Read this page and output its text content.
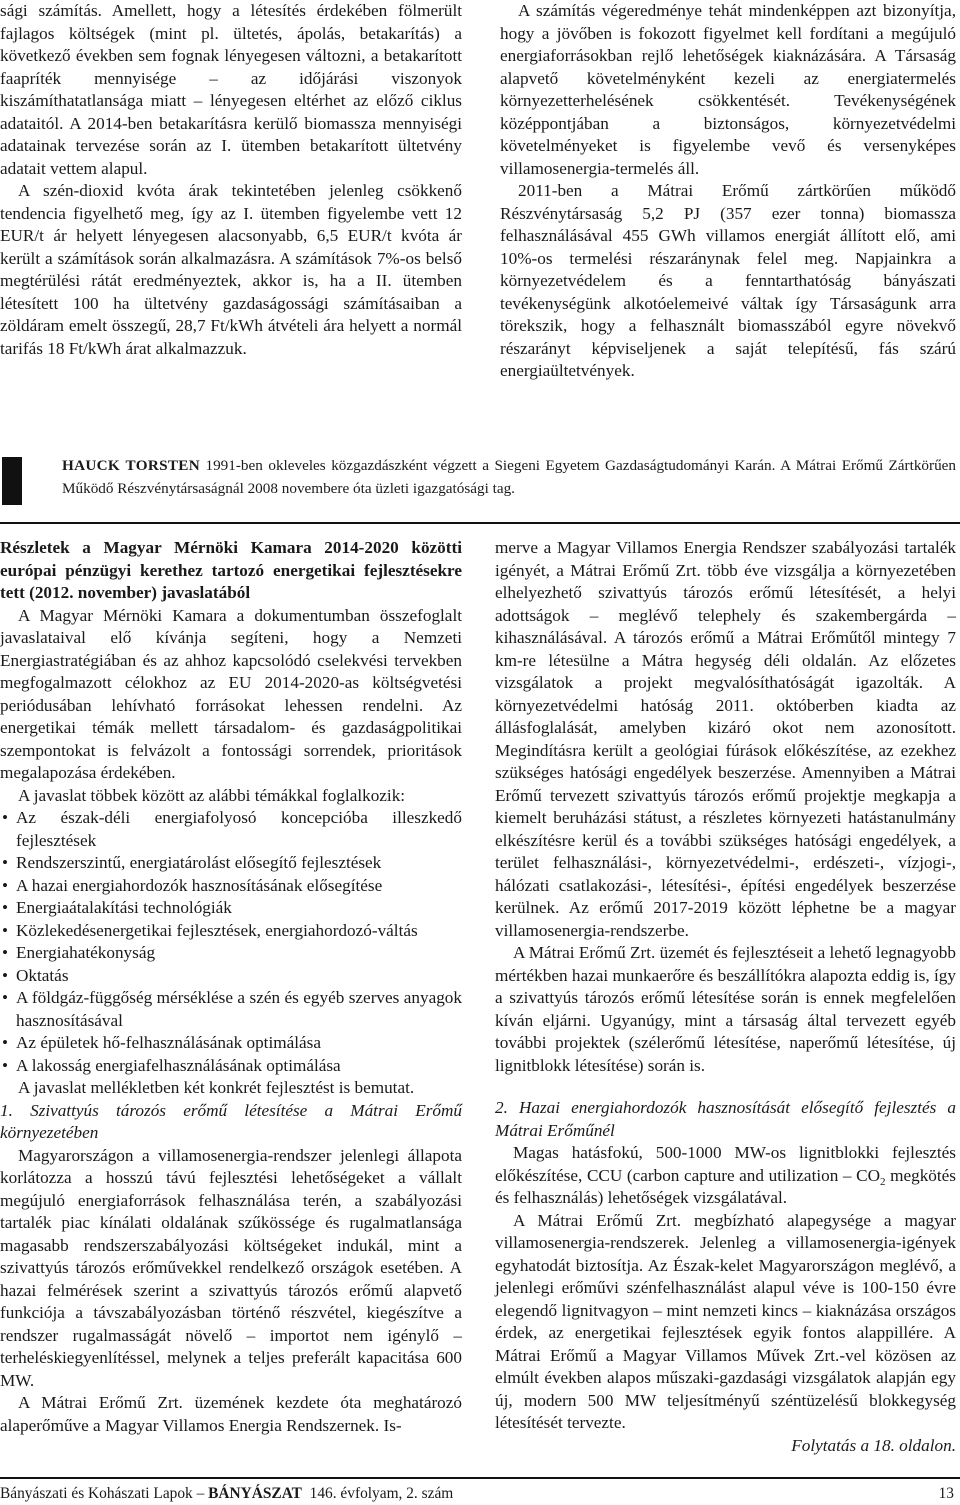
sági számítás. Amellett, hogy a létesítés érdekében fölmerült fajlagos költségek (mint pl. ültetés, ápolás, betakarítás) a következő években sem fognak lényegesen változni, a betakarított faapríték mennyisége – az időjárási viszonyok kiszámíthatatlansága miatt – lényegesen eltérhet az előző ciklus adataitól. A 2014-ben betakarításra kerülő biomassza mennyiségi adatainak tervezése során az I. ütemben betakarított ültetvény adatait vettem alapul.

A szén-dioxid kvóta árak tekintetében jelenleg csökkenő tendencia figyelhető meg, így az I. ütemben figyelembe vett 12 EUR/t ár helyett lényegesen alacsonyabb, 6,5 EUR/t kvóta ár került a számítások során alkalmazásra. A számítások 7%-os belső megtérülési rátát eredményeztek, akkor is, ha a II. ütemben létesített 100 ha ültetvény gazdaságossági számításaiban a zöldáram emelt összegű, 28,7 Ft/kWh átvételi ára helyett a normál tarifás 18 Ft/kWh árat alkalmazzuk.

A számítás végeredménye tehát mindenképpen azt bizonyítja, hogy a jövőben is fokozott figyelmet kell fordítani a megújuló energiaforrásokban rejlő lehetőségek kiaknázására. A Társaság alapvető követelményként kezeli az energiatermelés környezetterhelésének csökkentését. Tevékenységének középpontjában a biztonságos, környezetvédelmi követelményeket is figyelembe vevő és versenyképes villamosenergia-termelés áll.

2011-ben a Mátrai Erőmű zártkörűen működő Részvénytársaság 5,2 PJ (357 ezer tonna) biomassza felhasználásával 455 GWh villamos energiát állított elő, ami 10%-os termelési részaránynak felel meg. Napjainkra a környezetvédelem és a fenntarthatóság bányászati tevékenységünk alkotóelemeivé váltak így Társaságunk arra törekszik, hogy a felhasznált biomasszából egyre növekvő részarányt képviseljenek a saját telepítésű, fás szárú energiaültetvények.

HAUCK TORSTEN 1991-ben okleveles közgazdászként végzett a Siegeni Egyetem Gazdaságtudományi Karán. A Mátrai Erőmű Zártkörűen Működő Részvénytársaságnál 2008 novembere óta üzleti igazgatósági tag.

Részletek a Magyar Mérnöki Kamara 2014-2020 közötti európai pénzügyi kerethez tartozó energetikai fejlesztésekre tett (2012. november) javaslatából

A Magyar Mérnöki Kamara a dokumentumban összefoglalt javaslataival elő kívánja segíteni, hogy a Nemzeti Energiastratégiában és az ahhoz kapcsolódó cselekvési tervekben megfogalmazott célokhoz az EU 2014-2020-as költségvetési periódusában lehívható forrásokat lehessen rendelni. Az energetikai témák mellett társadalom- és gazdaságpolitikai szempontokat is felvázolt a fontossági sorrendek, prioritások megalapozása érdekében.

A javaslat többek között az alábbi témákkal foglalkozik:

• Az észak-déli energiafolyosó koncepcióba illeszkedő fejlesztések
• Rendszerszintű, energiatárolást elősegítő fejlesztések
• A hazai energiahordozók hasznosításának elősegítése
• Energiaátalakítási technológiák
• Közlekedésenergetikai fejlesztések, energiahordozó-váltás
• Energiahatékonyság
• Oktatás
• A földgáz-függőség mérséklése a szén és egyéb szerves anyagok hasznosításával
• Az épületek hő-felhasználásának optimálása
• A lakosság energiafelhasználásának optimálása

A javaslat mellékletben két konkrét fejlesztést is bemutat.

1. Szivattyús tározós erőmű létesítése a Mátrai Erőmű környezetében

Magyarországon a villamosenergia-rendszer jelenlegi állapota korlátozza a hosszú távú fejlesztési lehetőségeket a vállalt megújuló energiaforrások felhasználása terén, a szabályozási tartalék piac kínálati oldalának szűkössége és rugalmatlansága magasabb rendszerszabályozási költségeket indukál, mint a szivattyús tározós erőművekkel rendelkező országok esetében. A hazai felmérések szerint a szivattyús tározós erőmű alapvető funkciója a távszabályozásban történő részvétel, kiegészítve a rendszer rugalmasságát növelő – importot nem igénylő – terheléskiegyenlítéssel, melynek a teljes preferált kapacitása 600 MW.

A Mátrai Erőmű Zrt. üzemének kezdete óta meghatározó alaperőműve a Magyar Villamos Energia Rendszernek. Is-

merve a Magyar Villamos Energia Rendszer szabályozási tartalék igényét, a Mátrai Erőmű Zrt. több éve vizsgálja a környezetében elhelyezhető szivattyús tározós erőmű létesítését, a helyi adottságok – meglévő telephely és szakembergárda – kihasználásával. A tározós erőmű a Mátrai Erőműtől mintegy 7 km-re létesülne a Mátra hegység déli oldalán. Az előzetes vizsgálatok a projekt megvalósíthatóságát igazolták. A környezetvédelmi hatóság 2011. októberben kiadta az állásfoglalását, amelyben kizáró okot nem azonosított. Megindításra került a geológiai fúrások előkészítése, az ezekhez szükséges hatósági engedélyek beszerzése. Amennyiben a Mátrai Erőmű tervezett szivattyús tározós erőmű projektje megkapja a kiemelt beruházási státust, a részletes környezeti hatástanulmány elkészítésre kerül és a további szükséges hatósági engedélyek, a terület felhasználási-, környezetvédelmi-, erdészeti-, vízjogi-, hálózati csatlakozási-, létesítési-, építési engedélyek beszerzése kerülnek. Az erőmű 2017-2019 között léphetne be a magyar villamosenergia-rendszerbe.

A Mátrai Erőmű Zrt. üzemét és fejlesztéseit a lehető legnagyobb mértékben hazai munkaerőre és beszállítókra alapozta eddig is, így a szivattyús tározós erőmű létesítése során is ennek megfelelően kíván eljárni. Ugyanúgy, mint a társaság által tervezett egyéb további projektek (szélerőmű létesítése, naperőmű létesítése, új lignitblokk létesítése) során is.

2. Hazai energiahordozók hasznosítását elősegítő fejlesztés a Mátrai Erőműnél

Magas hatásfokú, 500-1000 MW-os lignitblokki fejlesztés előkészítése, CCU (carbon capture and utilization – $CO_2$ megkötés és felhasználás) lehetőségek vizsgálatával.

A Mátrai Erőmű Zrt. megbízható alapegysége a magyar villamosenergia-rendszerek. Jelenleg a villamosenergia-igények egyhatodát biztosítja. Az Észak-kelet Magyarországon meglévő, a jelenlegi erőművi szénfelhasználást alapul véve is 100-150 évre elegendő lignitvagyon – mint nemzeti kincs – kiaknázása országos érdek, az energetikai fejlesztések egyik fontos alappillére. A Mátrai Erőmű a Magyar Villamos Művek Zrt.-vel közösen az elmúlt években alapos műszaki-gazdasági vizsgálatok alapján egy új, modern 500 MW teljesítményű széntüzelésű blokkegység létesítését tervezte.

Folytatás a 18. oldalon.

Bányászati és Kohászati Lapok – BÁNYÁSZAT  146. évfolyam, 2. szám	13
